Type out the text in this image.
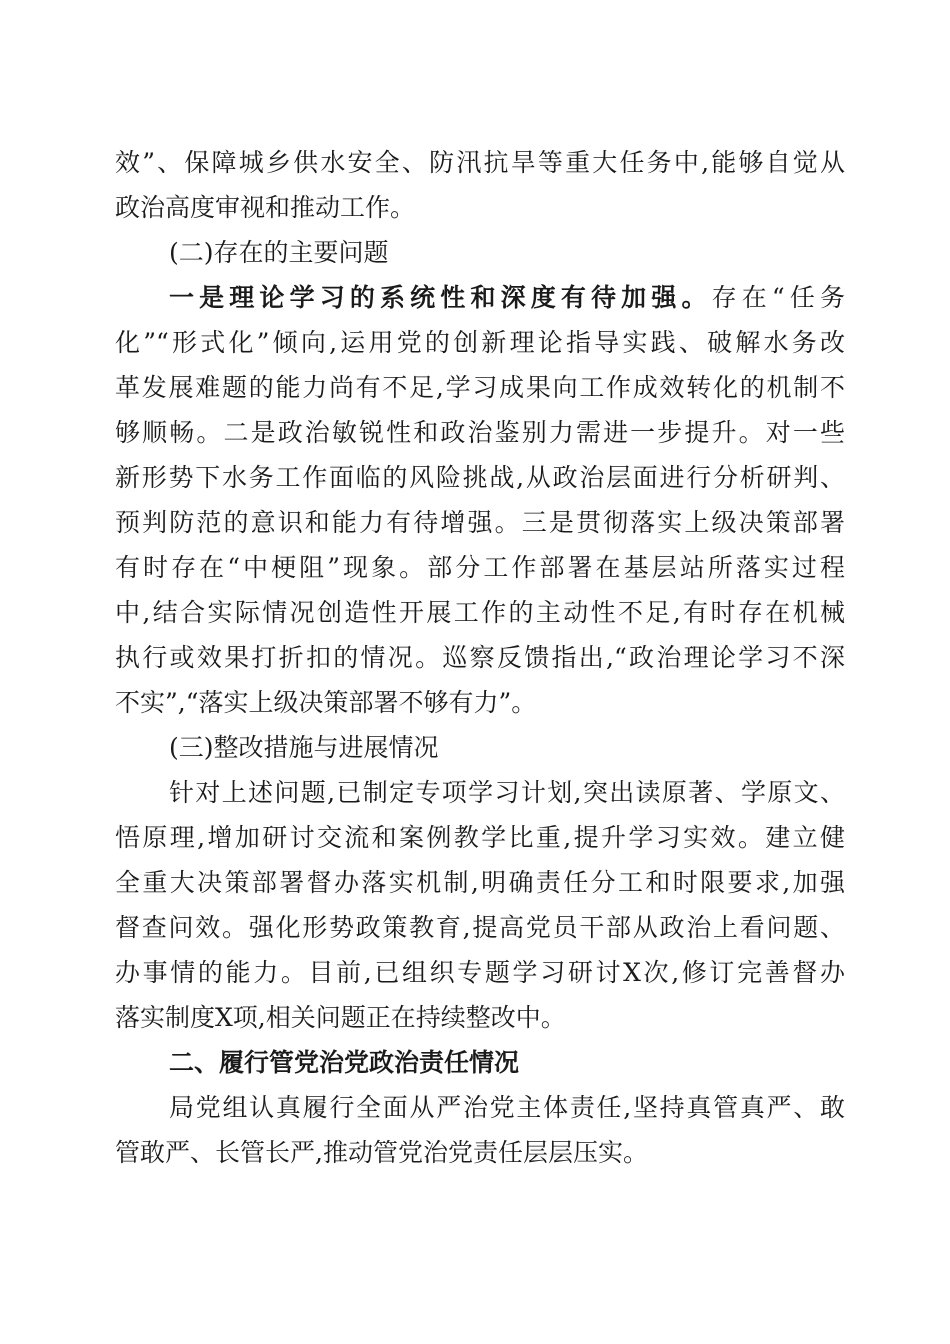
效”、保障城乡供水安全、防汛抗旱等重大任务中,能够自觉从
政治高度审视和推动工作。
(二)存在的主要问题
一是理论学习的系统性和深度有待加强。存在“任务
化”“形式化”倾向,运用党的创新理论指导实践、破解水务改
革发展难题的能力尚有不足,学习成果向工作成效转化的机制不
够顺畅。二是政治敏锐性和政治鉴别力需进一步提升。对一些
新形势下水务工作面临的风险挑战,从政治层面进行分析研判、
预判防范的意识和能力有待增强。三是贯彻落实上级决策部署
有时存在“中梗阻”现象。部分工作部署在基层站所落实过程
中,结合实际情况创造性开展工作的主动性不足,有时存在机械
执行或效果打折扣的情况。巡察反馈指出,“政治理论学习不深
不实”,“落实上级决策部署不够有力”。
(三)整改措施与进展情况
针对上述问题,已制定专项学习计划,突出读原著、学原文、
悟原理,增加研讨交流和案例教学比重,提升学习实效。建立健
全重大决策部署督办落实机制,明确责任分工和时限要求,加强
督查问效。强化形势政策教育,提高党员干部从政治上看问题、
办事情的能力。目前,已组织专题学习研讨X次,修订完善督办
落实制度X项,相关问题正在持续整改中。
二、履行管党治党政治责任情况
局党组认真履行全面从严治党主体责任,坚持真管真严、敢
管敢严、长管长严,推动管党治党责任层层压实。
